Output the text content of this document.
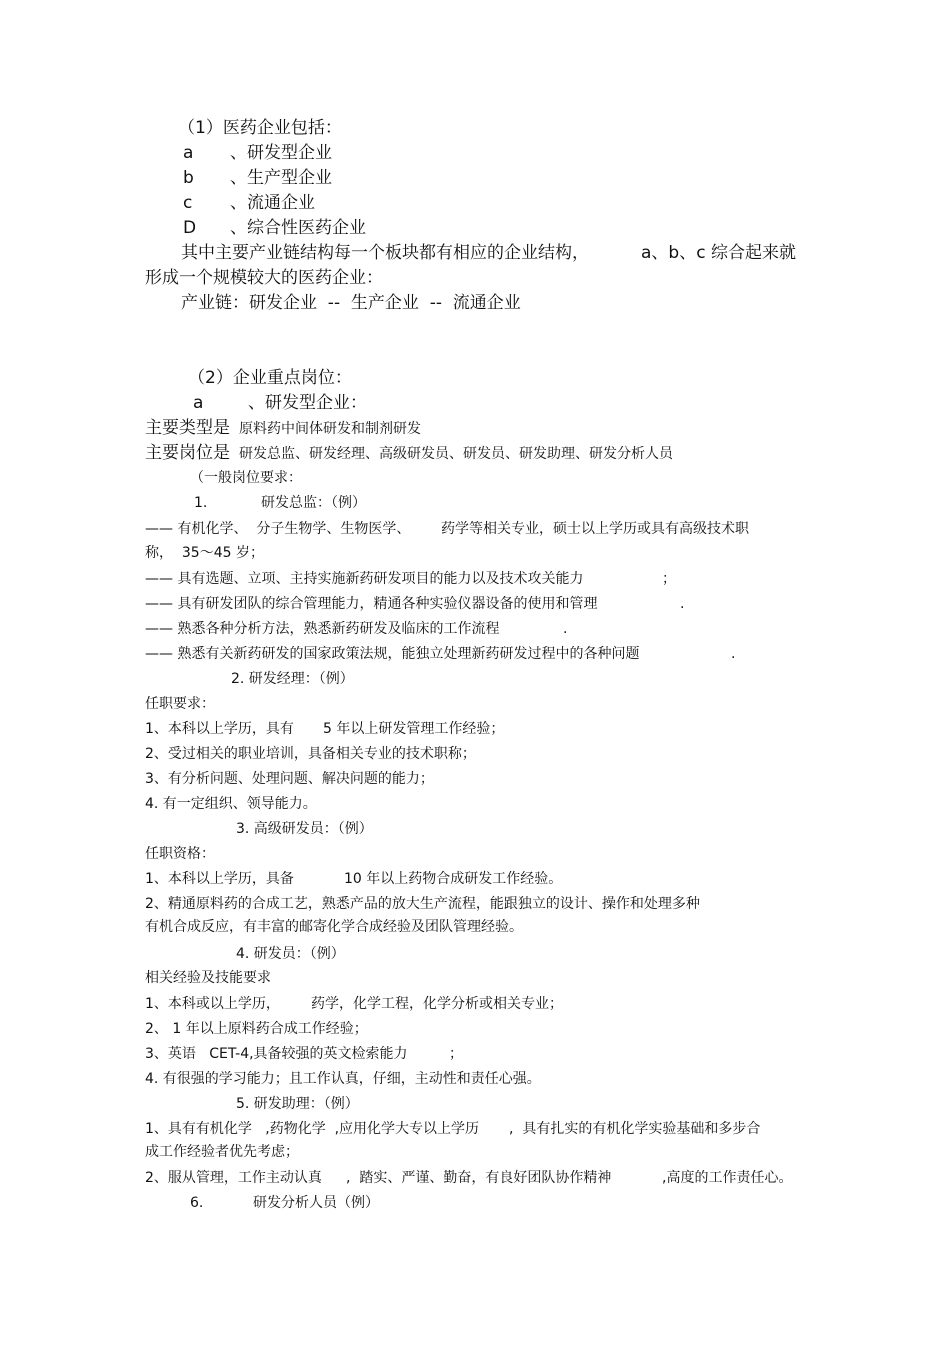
（1）医药企业包括：
a 、研发型企业
b 、生产型企业
c 、流通企业
D 、综合性医药企业
其中主要产业链结构每一个板块都有相应的企业结构，	a、b、c 综合起来就
形成一个规模较大的医药企业：
产业链：研发企业  --  生产企业  --  流通企业
（2）企业重点岗位：
a	、研发型企业：
主要类型是 原料药中间体研发和制剂研发
主要岗位是 研发总监、研发经理、高级研发员、研发员、研发助理、研发分析人员
（一般岗位要求：
1.	研发总监：（例）
—— 有机化学、  分子生物学、生物医学、 药学等相关专业，硕士以上学历或具有高级技术职
称，  35～45 岁；
—— 具有选题、立项、主持实施新药研发项目的能力以及技术攻关能力	；
—— 具有研发团队的综合管理能力，精通各种实验仪器设备的使用和管理	.
—— 熟悉各种分析方法，熟悉新药研发及临床的工作流程	.
—— 熟悉有关新药研发的国家政策法规，能独立处理新药研发过程中的各种问题	.
2. 研发经理：（例）
任职要求：
1、本科以上学历，具有 5 年以上研发管理工作经验；
2、受过相关的职业培训，具备相关专业的技术职称；
3、有分析问题、处理问题、解决问题的能力；
4. 有一定组织、领导能力。
3. 高级研发员：（例）
任职资格：
1、本科以上学历，具备	10 年以上药物合成研发工作经验。
2、精通原料药的合成工艺，熟悉产品的放大生产流程，能跟独立的设计、操作和处理多种
有机合成反应，有丰富的邮寄化学合成经验及团队管理经验。
4. 研发员：（例）
相关经验及技能要求
1、本科或以上学历， 药学，化学工程，化学分析或相关专业；
2、 1 年以上原料药合成工作经验；
3、英语   CET-4,具备较强的英文检索能力	；
4. 有很强的学习能力；且工作认真，仔细，主动性和责任心强。
5. 研发助理：（例）
1、具有有机化学   ,药物化学  ,应用化学大专以上学历 ,  具有扎实的有机化学实验基础和多步合
成工作经验者优先考虑；
2、服从管理，工作主动认真 ,  踏实、严谨、勤奋，有良好团队协作精神	,高度的工作责任心。
6.	研发分析人员（例）
